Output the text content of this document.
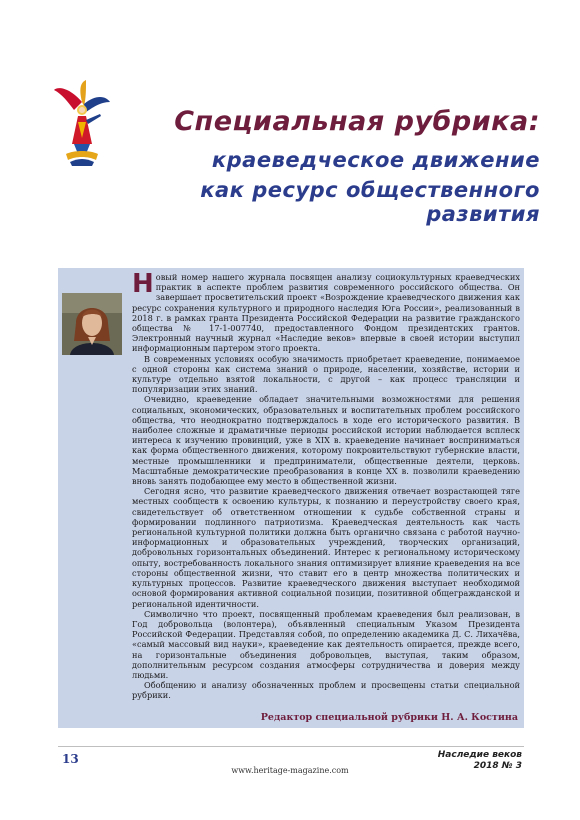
Специальная рубрика:
краеведческое движение
как ресурс общественного развития
Н овый номер нашего журнала посвящен анализу социокультурных краеведческих практик в аспекте проблем развития современного российского общества. Он завершает просветительский проект «Возрождение краеведческого движения как ресурс сохранения культурного и природного наследия Юга России», реализованный в 2018 г. в рамках гранта Президента Российской Федерации на развитие гражданского общества № 17-1-007740, предоставленного Фондом президентских грантов. Электронный научный журнал «Наследие веков» впервые в своей истории выступил информационным партером этого проекта.

В современных условиях особую значимость приобретает краеведение, понимаемое с одной стороны как система знаний о природе, населении, хозяйстве, истории и культуре отдельно взятой локальности, с другой – как процесс трансляции и популяризации этих знаний.

Очевидно, краеведение обладает значительными возможностями для решения социальных, экономических, образовательных и воспитательных проблем российского общества, что неоднократно подтверждалось в ходе его исторического развития. В наиболее сложные и драматичные периоды российской истории наблюдается всплеск интереса к изучению провинций, уже в XIX в. краеведение начинает восприниматься как форма общественного движения, которому покровительствуют губернские власти, местные промышленники и предприниматели, общественные деятели, церковь. Масштабные демократические преобразования в конце XX в. позволили краеведению вновь занять подобающее ему место в общественной жизни.

Сегодня ясно, что развитие краеведческого движения отвечает возрастающей тяге местных сообществ к освоению культуры, к познанию и переустройству своего края, свидетельствует об ответственном отношении к судьбе собственной страны и формировании подлинного патриотизма. Краеведческая деятельность как часть региональной культурной политики должна быть органично связана с работой научно-информационных и образовательных учреждений, творческих организаций, добровольных горизонтальных объединений. Интерес к региональному историческому опыту, востребованность локального знания оптимизирует влияние краеведения на все стороны общественной жизни, что ставит его в центр множества политических и культурных процессов. Развитие краеведческого движения выступает необходимой основой формирования активной социальной позиции, позитивной общегражданской и региональной идентичности.

Символично что проект, посвященный проблемам краеведения был реализован, в Год добровольца (волонтера), объявленный специальным Указом Президента Российской Федерации. Представляя собой, по определению академика Д. С. Лихачёва, «самый массовый вид науки», краеведение как деятельность опирается, прежде всего, на горизонтальные объединения добровольцев, выступая, таким образом, дополнительным ресурсом создания атмосферы сотрудничества и доверия между людьми.

Обобщению и анализу обозначенных проблем и просвещены статьи специальной рубрики.

Редактор специальной рубрики Н. А. Костина
13	Наследие веков
2018 № 3
www.heritage-magazine.com
